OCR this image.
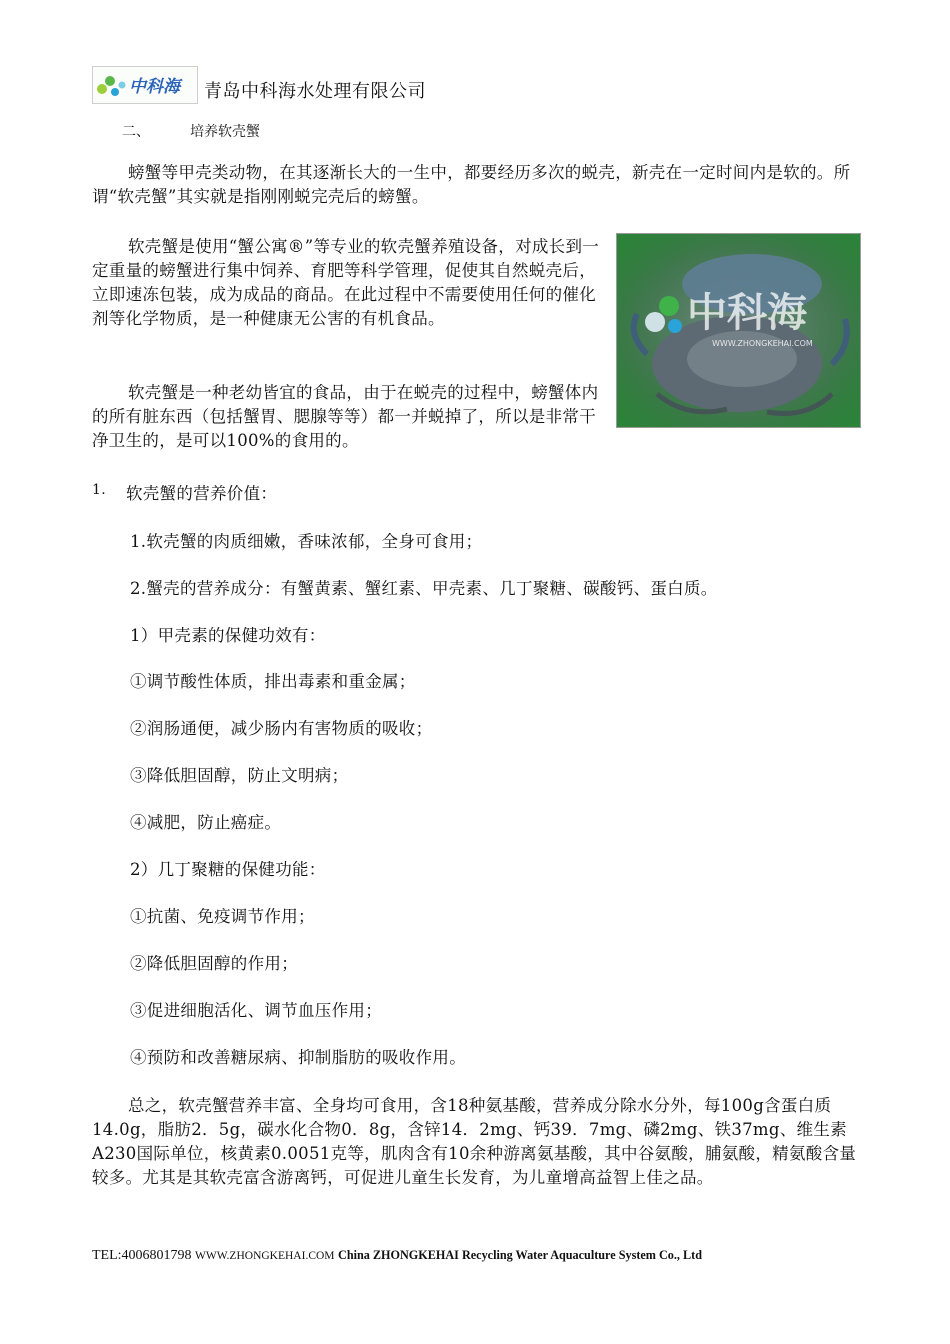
中科海 青岛中科海水处理有限公司
二、	培养软壳蟹
螃蟹等甲壳类动物，在其逐渐长大的一生中，都要经历多次的蜕壳，新壳在一定时间内是软的。所谓“软壳蟹”其实就是指刚刚蜕完壳后的螃蟹。
软壳蟹是使用“蟹公寓®”等专业的软壳蟹养殖设备，对成长到一定重量的螃蟹进行集中饲养、育肥等科学管理，促使其自然蜕壳后，立即速冻包装，成为成品的商品。在此过程中不需要使用任何的催化剂等化学物质，是一种健康无公害的有机食品。
软壳蟹是一种老幼皆宜的食品，由于在蜕壳的过程中，螃蟹体内的所有脏东西（包括蟹胃、腮腺等等）都一并蜕掉了，所以是非常干净卫生的，是可以100%的食用的。
中科海
WWW.ZHONGKEHAI.COM
1. 软壳蟹的营养价值：
1.软壳蟹的肉质细嫩，香味浓郁，全身可食用；
2.蟹壳的营养成分：有蟹黄素、蟹红素、甲壳素、几丁聚糖、碳酸钙、蛋白质。
1）甲壳素的保健功效有：
①调节酸性体质，排出毒素和重金属；
②润肠通便，减少肠内有害物质的吸收；
③降低胆固醇，防止文明病；
④减肥，防止癌症。
2）几丁聚糖的保健功能：
①抗菌、免疫调节作用；
②降低胆固醇的作用；
③促进细胞活化、调节血压作用；
④预防和改善糖尿病、抑制脂肪的吸收作用。
总之，软壳蟹营养丰富、全身均可食用，含18种氨基酸，营养成分除水分外，每100g含蛋白质14.0g，脂肪2．5g，碳水化合物0．8g，含锌14．2mg、钙39．7mg、磷2mg、铁37mg、维生素A230国际单位，核黄素0.0051克等，肌肉含有10余种游离氨基酸，其中谷氨酸，脯氨酸，精氨酸含量较多。尤其是其软壳富含游离钙，可促进儿童生长发育，为儿童增高益智上佳之品。
TEL:4006801798 WWW.ZHONGKEHAI.COM China ZHONGKEHAI Recycling Water Aquaculture System Co., Ltd
